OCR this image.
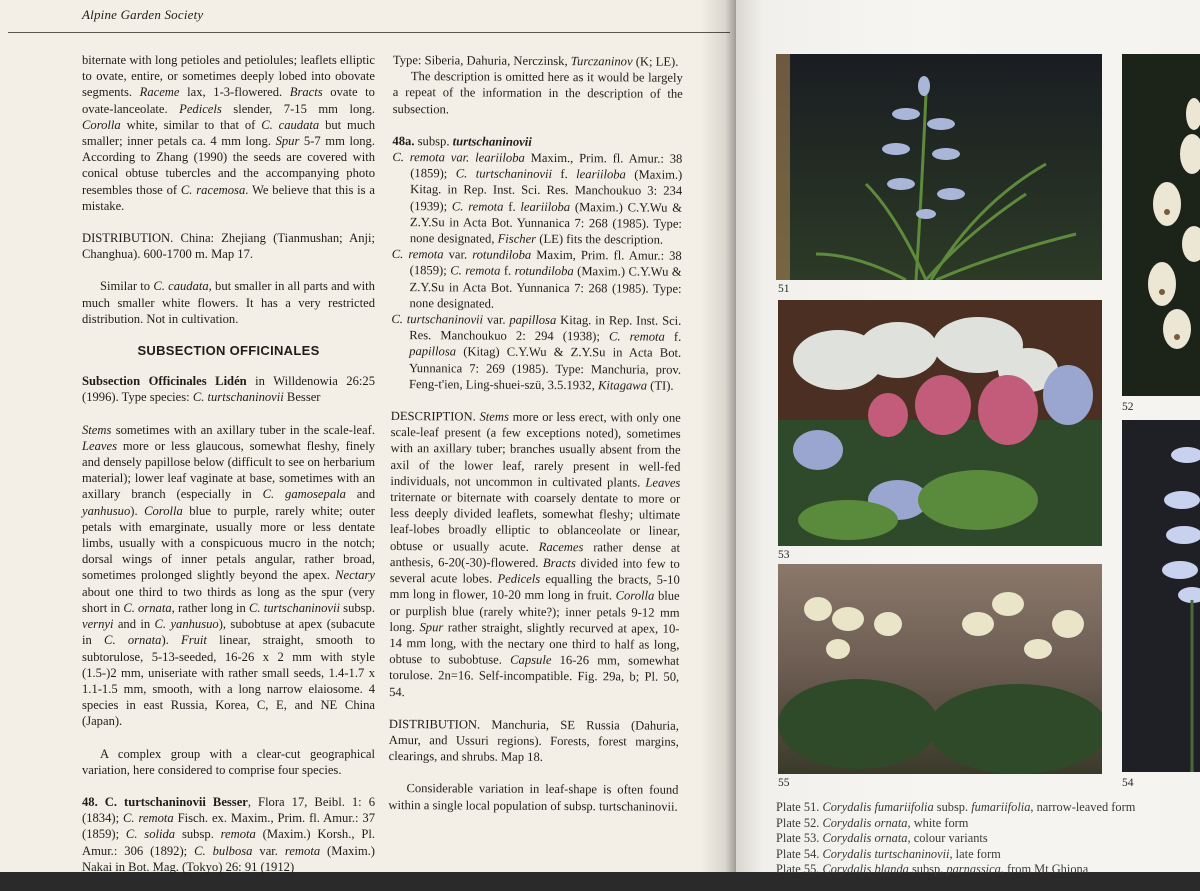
Alpine Garden Society

biternate with long petioles and petiolules; leaflets elliptic to ovate, entire, or sometimes deeply lobed into obovate segments. Raceme lax, 1-3-flowered. Bracts ovate to ovate-lanceolate. Pedicels slender, 7-15 mm long. Corolla white, similar to that of C. caudata but much smaller; inner petals ca. 4 mm long. Spur 5-7 mm long. According to Zhang (1990) the seeds are covered with conical obtuse tubercles and the accompanying photo resembles those of C. racemosa. We believe that this is a mistake.

DISTRIBUTION. China: Zhejiang (Tianmushan; Anji; Changhua). 600-1700 m. Map 17.

Similar to C. caudata, but smaller in all parts and with much smaller white flowers. It has a very restricted distribution. Not in cultivation.

SUBSECTION OFFICINALES

Subsection Officinales Lidén in Willdenowia 26:25 (1996). Type species: C. turtschaninovii Besser

Stems sometimes with an axillary tuber in the scale-leaf. Leaves more or less glaucous, somewhat fleshy, finely and densely papillose below (difficult to see on herbarium material); lower leaf vaginate at base, sometimes with an axillary branch (especially in C. gamosepala and yanhusuo). Corolla blue to purple, rarely white; outer petals with emarginate, usually more or less dentate limbs, usually with a conspicuous mucro in the notch; dorsal wings of inner petals angular, rather broad, sometimes prolonged slightly beyond the apex. Nectary about one third to two thirds as long as the spur (very short in C. ornata, rather long in C. turtschaninovii subsp. vernyi and in C. yanhusuo), subobtuse at apex (subacute in C. ornata). Fruit linear, straight, smooth to subtorulose, 5-13-seeded, 16-26 x 2 mm with style (1.5-)2 mm, uniseriate with rather small seeds, 1.4-1.7 x 1.1-1.5 mm, smooth, with a long narrow elaiosome. 4 species in east Russia, Korea, C, E, and NE China (Japan).

A complex group with a clear-cut geographical variation, here considered to comprise four species.

48. C. turtschaninovii Besser, Flora 17, Beibl. 1: 6 (1834); C. remota Fisch. ex. Maxim., Prim. fl. Amur.: 37 (1859); C. solida subsp. remota (Maxim.) Korsh., Pl. Amur.: 306 (1892); C. bulbosa var. remota (Maxim.) Nakai in Bot. Mag. (Tokyo) 26: 91 (1912)

Type: Siberia, Dahuria, Nerczinsk, Turczaninov (K; LE).

The description is omitted here as it would be largely a repeat of the information in the description of the subsection.

48a. subsp. turtschaninovii

C. remota var. leariiloba Maxim., Prim. fl. Amur.: 38 (1859); C. turtschaninovii f. leariiloba (Maxim.) Kitag. in Rep. Inst. Sci. Res. Manchoukuo 3: 234 (1939); C. remota f. leariiloba (Maxim.) C.Y.Wu & Z.Y.Su in Acta Bot. Yunnanica 7: 268 (1985). Type: none designated, Fischer (LE) fits the description.

C. remota var. rotundiloba Maxim, Prim. fl. Amur.: 38 (1859); C. remota f. rotundiloba (Maxim.) C.Y.Wu & Z.Y.Su in Acta Bot. Yunnanica 7: 268 (1985). Type: none designated.

C. turtschaninovii var. papillosa Kitag. in Rep. Inst. Sci. Res. Manchoukuo 2: 294 (1938); C. remota f. papillosa (Kitag) C.Y.Wu & Z.Y.Su in Acta Bot. Yunnanica 7: 269 (1985). Type: Manchuria, prov. Feng-t'ien, Ling-shuei-szü, 3.5.1932, Kitagawa (TI).

DESCRIPTION. Stems more or less erect, with only one scale-leaf present (a few exceptions noted), sometimes with an axillary tuber; branches usually absent from the axil of the lower leaf, rarely present in well-fed individuals, not uncommon in cultivated plants. Leaves triternate or biternate with coarsely dentate to more or less deeply divided leaflets, somewhat fleshy; ultimate leaf-lobes broadly elliptic to oblanceolate or linear, obtuse or usually acute. Racemes rather dense at anthesis, 6-20(-30)-flowered. Bracts divided into few to several acute lobes. Pedicels equalling the bracts, 5-10 mm long in flower, 10-20 mm long in fruit. Corolla blue or purplish blue (rarely white?); inner petals 9-12 mm long. Spur rather straight, slightly recurved at apex, 10-14 mm long, with the nectary one third to half as long, obtuse to subobtuse. Capsule 16-26 mm, somewhat torulose. 2n=16. Self-incompatible. Fig. 29a, b; Pl. 50, 54.

DISTRIBUTION. Manchuria, SE Russia (Dahuria, Amur, and Ussuri regions). Forests, forest margins, clearings, and shrubs. Map 18.

Considerable variation in leaf-shape is often found within a single local population of subsp. turtschaninovii.

51
52
53
54
55
Plate 51. Corydalis fumariifolia subsp. fumariifolia, narrow-leaved form
Plate 52. Corydalis ornata, white form
Plate 53. Corydalis ornata, colour variants
Plate 54. Corydalis turtschaninovii, late form
Plate 55. Corydalis blanda subsp. parnassica, from Mt Ghiona
